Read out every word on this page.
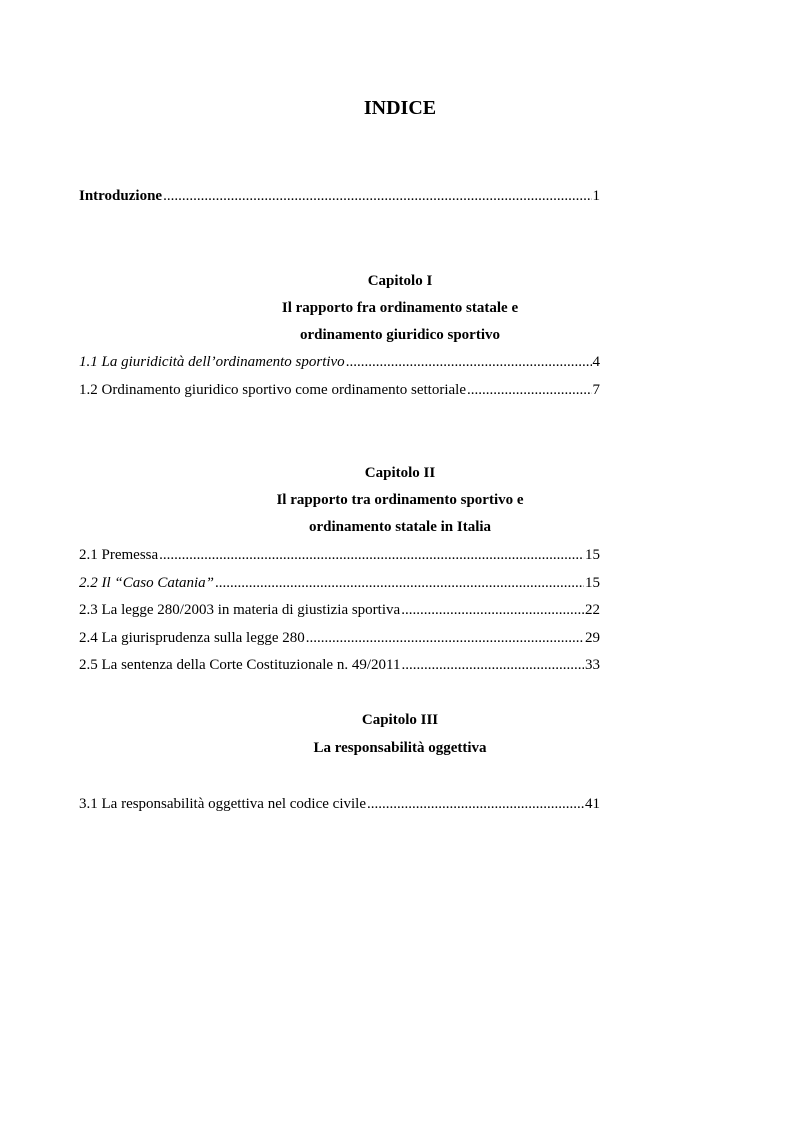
INDICE
Introduzione .....	1
Capitolo I
Il rapporto fra ordinamento statale e
ordinamento giuridico sportivo
1.1 La giuridicità dell’ordinamento sportivo .....	4
1.2 Ordinamento giuridico sportivo come ordinamento settoriale .....	7
Capitolo II
Il rapporto tra ordinamento sportivo e
ordinamento statale in Italia
2.1 Premessa .....	15
2.2 Il “Caso Catania” .....	15
2.3 La legge 280/2003 in materia di giustizia sportiva .....	22
2.4 La giurisprudenza sulla legge 280 .....	29
2.5 La sentenza della Corte Costituzionale n. 49/2011 .....	33
Capitolo III
La responsabilità oggettiva
3.1 La responsabilità oggettiva nel codice civile .....	41
